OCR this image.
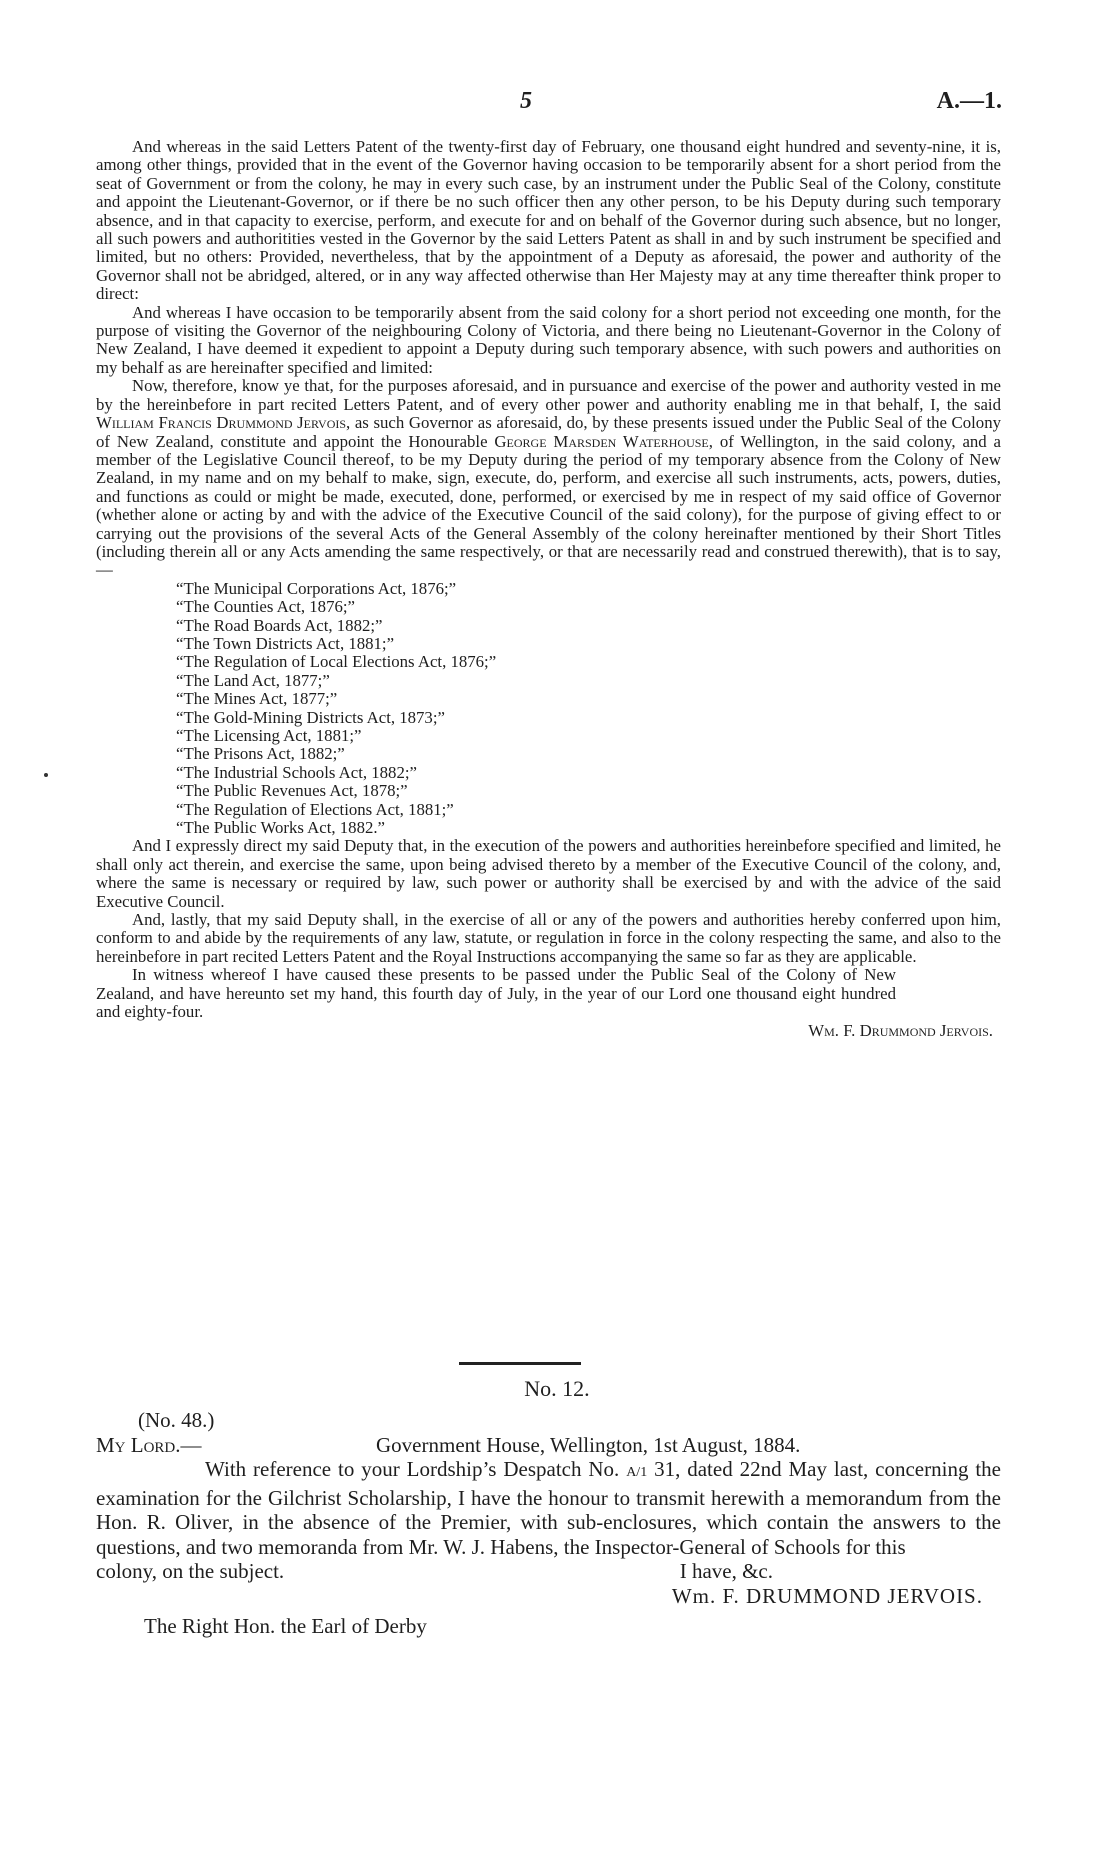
5	A.—1.

And whereas in the said Letters Patent of the twenty-first day of February, one thousand eight hundred and seventy-nine, it is, among other things, provided that in the event of the Governor having occasion to be temporarily absent for a short period from the seat of Government or from the colony, he may in every such case, by an instrument under the Public Seal of the Colony, constitute and appoint the Lieutenant-Governor, or if there be no such officer then any other person, to be his Deputy during such temporary absence, and in that capacity to exercise, perform, and execute for and on behalf of the Governor during such absence, but no longer, all such powers and authoritities vested in the Governor by the said Letters Patent as shall in and by such instrument be specified and limited, but no others: Provided, nevertheless, that by the appointment of a Deputy as aforesaid, the power and authority of the Governor shall not be abridged, altered, or in any way affected otherwise than Her Majesty may at any time thereafter think proper to direct:

And whereas I have occasion to be temporarily absent from the said colony for a short period not exceeding one month, for the purpose of visiting the Governor of the neighbouring Colony of Victoria, and there being no Lieutenant-Governor in the Colony of New Zealand, I have deemed it expedient to appoint a Deputy during such temporary absence, with such powers and authorities on my behalf as are hereinafter specified and limited:

Now, therefore, know ye that, for the purposes aforesaid, and in pursuance and exercise of the power and authority vested in me by the hereinbefore in part recited Letters Patent, and of every other power and authority enabling me in that behalf, I, the said William Francis Drummond Jervois, as such Governor as aforesaid, do, by these presents issued under the Public Seal of the Colony of New Zealand, constitute and appoint the Honourable George Marsden Waterhouse, of Wellington, in the said colony, and a member of the Legislative Council thereof, to be my Deputy during the period of my temporary absence from the Colony of New Zealand, in my name and on my behalf to make, sign, execute, do, perform, and exercise all such instruments, acts, powers, duties, and functions as could or might be made, executed, done, performed, or exercised by me in respect of my said office of Governor (whether alone or acting by and with the advice of the Executive Council of the said colony), for the purpose of giving effect to or carrying out the provisions of the several Acts of the General Assembly of the colony hereinafter mentioned by their Short Titles (including therein all or any Acts amending the same respectively, or that are necessarily read and construed therewith), that is to say,—

“The Municipal Corporations Act, 1876;”
“The Counties Act, 1876;”
“The Road Boards Act, 1882;”
“The Town Districts Act, 1881;”
“The Regulation of Local Elections Act, 1876;”
“The Land Act, 1877;”
“The Mines Act, 1877;”
“The Gold-Mining Districts Act, 1873;”
“The Licensing Act, 1881;”
“The Prisons Act, 1882;”
“The Industrial Schools Act, 1882;”
“The Public Revenues Act, 1878;”
“The Regulation of Elections Act, 1881;”
“The Public Works Act, 1882.”

And I expressly direct my said Deputy that, in the execution of the powers and authorities hereinbefore specified and limited, he shall only act therein, and exercise the same, upon being advised thereto by a member of the Executive Council of the colony, and, where the same is necessary or required by law, such power or authority shall be exercised by and with the advice of the said Executive Council.

And, lastly, that my said Deputy shall, in the exercise of all or any of the powers and authorities hereby conferred upon him, conform to and abide by the requirements of any law, statute, or regulation in force in the colony respecting the same, and also to the hereinbefore in part recited Letters Patent and the Royal Instructions accompanying the same so far as they are applicable.

In witness whereof I have caused these presents to be passed under the Public Seal of the Colony of New Zealand, and have hereunto set my hand, this fourth day of July, in the year of our Lord one thousand eight hundred and eighty-four.

Wm. F. Drummond Jervois.
No. 12.
(No. 48.)
My Lord.—	Government House, Wellington, 1st August, 1884.
With reference to your Lordship’s Despatch No. A/1 31, dated 22nd May last, concerning the examination for the Gilchrist Scholarship, I have the honour to transmit herewith a memorandum from the Hon. R. Oliver, in the absence of the Premier, with sub-enclosures, which contain the answers to the questions, and two memoranda from Mr. W. J. Habens, the Inspector-General of Schools for this
colony, on the subject.	I have, &c.
Wm. F. DRUMMOND JERVOIS.
The Right Hon. the Earl of Derby
